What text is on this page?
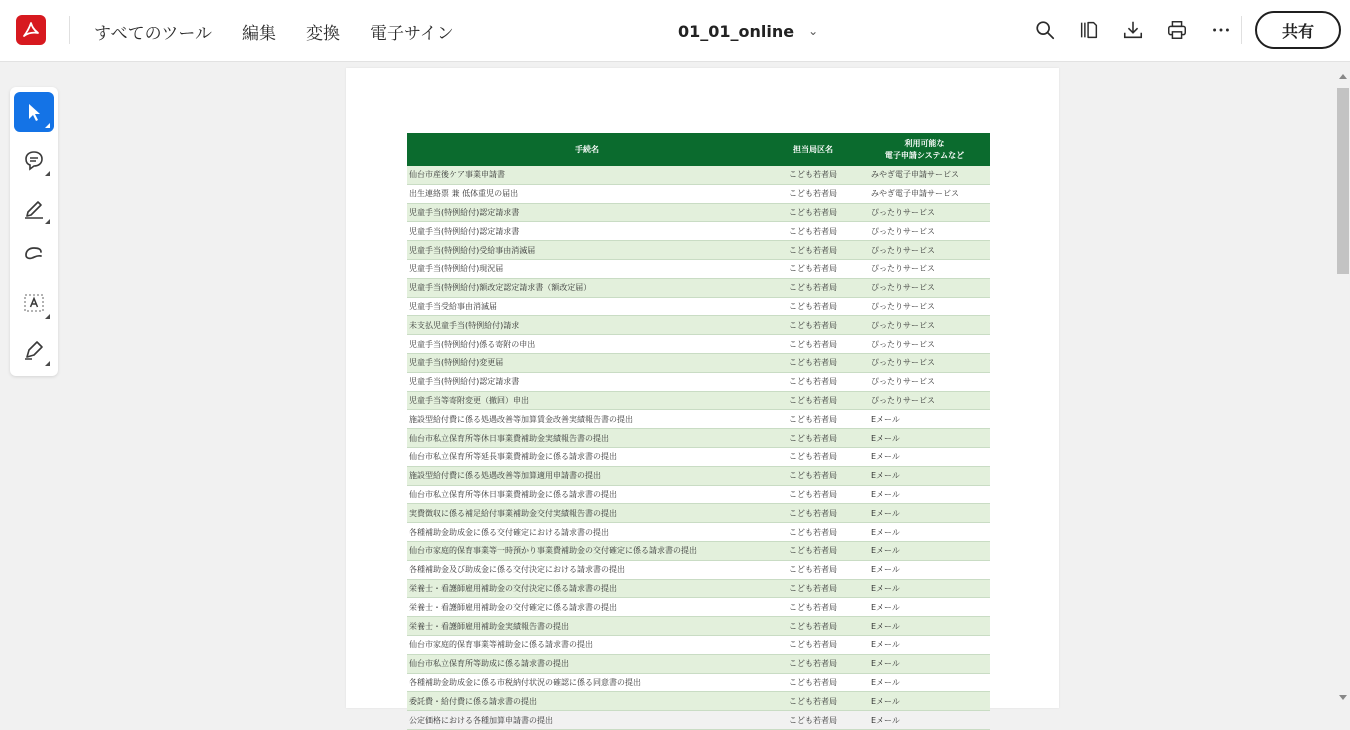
すべてのツール 編集 変換 電子サイン	01_01_online ⌄	共有
手続名	担当局区名	利用可能な
電子申請システムなど
仙台市産後ケア事業申請書	こども若者局	みやぎ電子申請サービス
出生連絡票 兼 低体重児の届出	こども若者局	みやぎ電子申請サービス
児童手当(特例給付)認定請求書	こども若者局	ぴったりサービス
児童手当(特例給付)認定請求書	こども若者局	ぴったりサービス
児童手当(特例給付)受給事由消滅届	こども若者局	ぴったりサービス
児童手当(特例給付)現況届	こども若者局	ぴったりサービス
児童手当(特例給付)額改定認定請求書（額改定届）	こども若者局	ぴったりサービス
児童手当受給事由消滅届	こども若者局	ぴったりサービス
未支払児童手当(特例給付)請求	こども若者局	ぴったりサービス
児童手当(特例給付)係る寄附の申出	こども若者局	ぴったりサービス
児童手当(特例給付)変更届	こども若者局	ぴったりサービス
児童手当(特例給付)認定請求書	こども若者局	ぴったりサービス
児童手当等寄附変更（撤回）申出	こども若者局	ぴったりサービス
施設型給付費に係る処遇改善等加算賃金改善実績報告書の提出	こども若者局	Eメール
仙台市私立保育所等休日事業費補助金実績報告書の提出	こども若者局	Eメール
仙台市私立保育所等延長事業費補助金に係る請求書の提出	こども若者局	Eメール
施設型給付費に係る処遇改善等加算適用申請書の提出	こども若者局	Eメール
仙台市私立保育所等休日事業費補助金に係る請求書の提出	こども若者局	Eメール
実費徴収に係る補足給付事業補助金交付実績報告書の提出	こども若者局	Eメール
各種補助金助成金に係る交付確定における請求書の提出	こども若者局	Eメール
仙台市家庭的保育事業等一時預かり事業費補助金の交付確定に係る請求書の提出	こども若者局	Eメール
各種補助金及び助成金に係る交付決定における請求書の提出	こども若者局	Eメール
栄養士・看護師雇用補助金の交付決定に係る請求書の提出	こども若者局	Eメール
栄養士・看護師雇用補助金の交付確定に係る請求書の提出	こども若者局	Eメール
栄養士・看護師雇用補助金実績報告書の提出	こども若者局	Eメール
仙台市家庭的保育事業等補助金に係る請求書の提出	こども若者局	Eメール
仙台市私立保育所等助成に係る請求書の提出	こども若者局	Eメール
各種補助金助成金に係る市税納付状況の確認に係る同意書の提出	こども若者局	Eメール
委託費・給付費に係る請求書の提出	こども若者局	Eメール
公定価格における各種加算申請書の提出	こども若者局	Eメール
